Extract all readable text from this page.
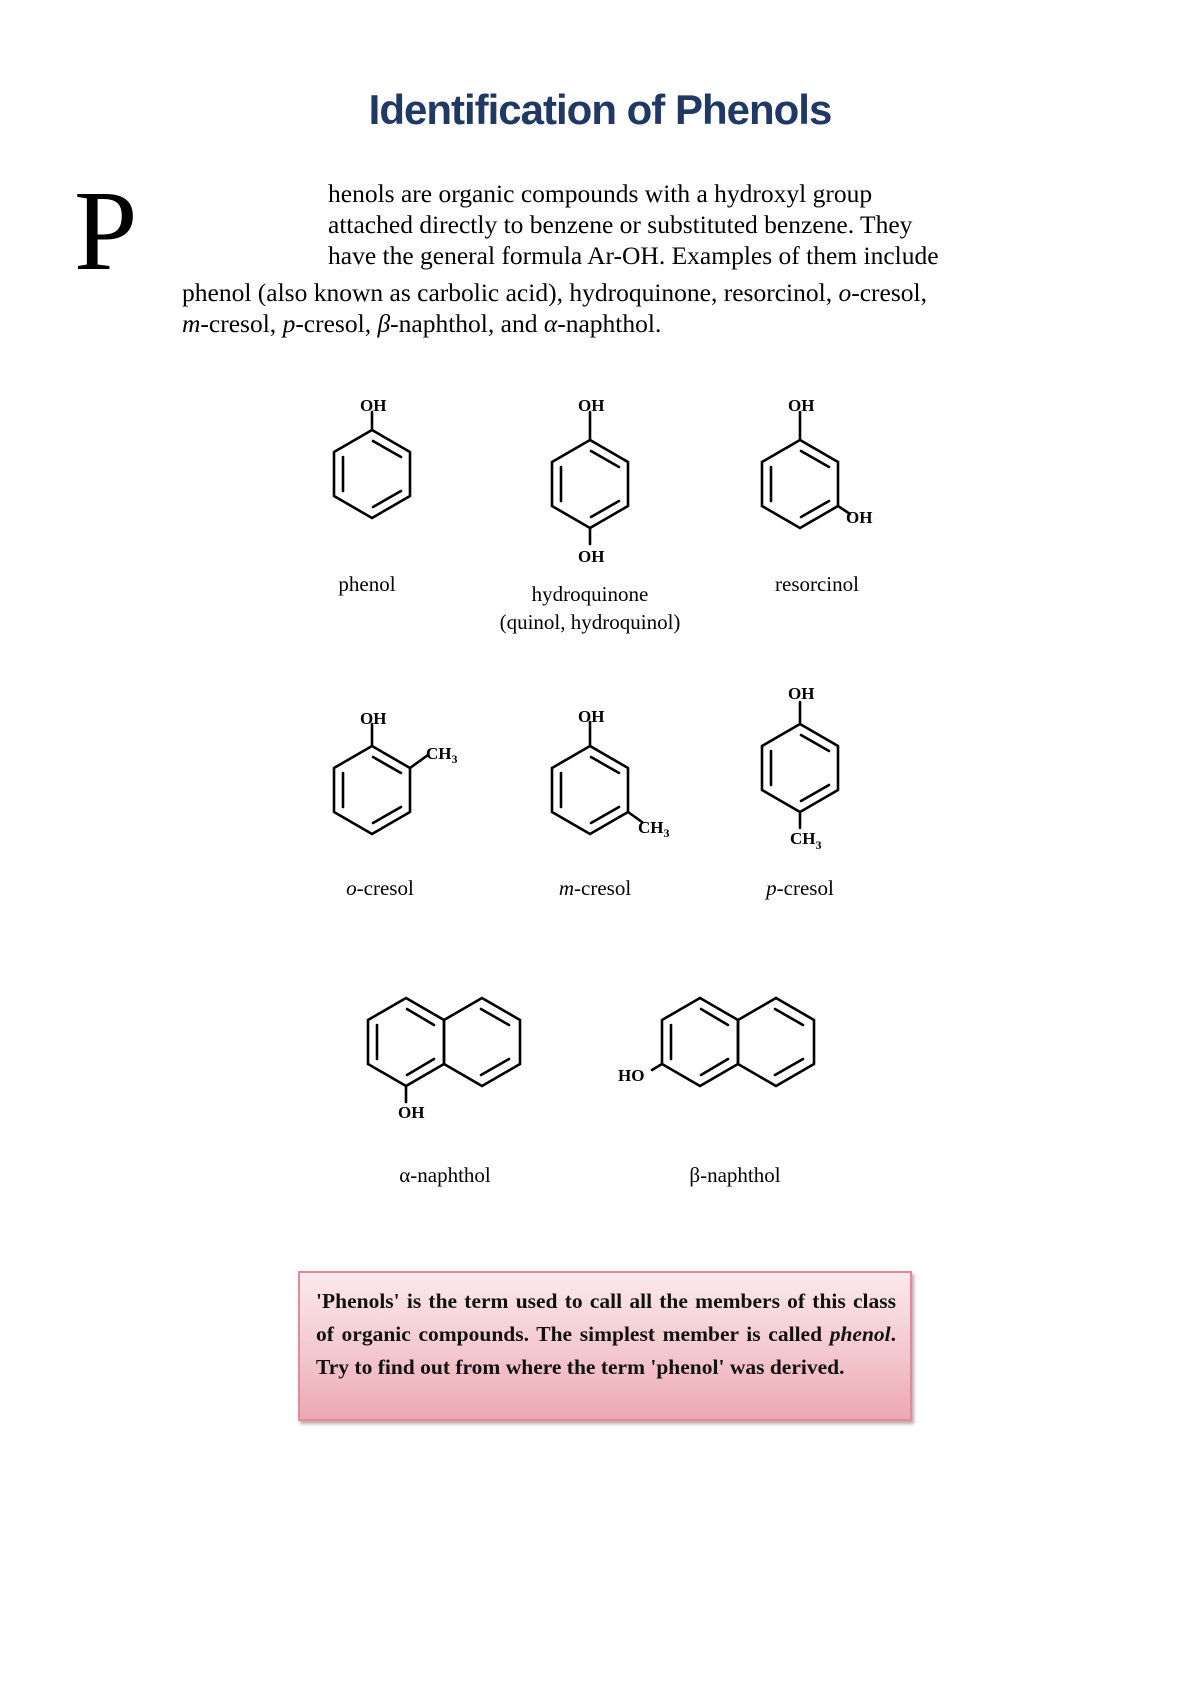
Identification of Phenols
P	henols are organic compounds with a hydroxyl group
attached directly to benzene or substituted benzene. They
have the general formula Ar-OH. Examples of them include
phenol (also known as carbolic acid), hydroquinone, resorcinol, o-cresol,
m-cresol, p-cresol, β-naphthol, and α-naphthol.
OH	OH
OH
OH
OH
OH
$CH_3$
OH
$CH_3$
OH
$CH_3$
OH
HO
phenol	hydroquinone
(quinol, hydroquinol)
resorcinol
o-cresol	m-cresol	p-cresol
α-naphthol	β-naphthol
'Phenols' is the term used to call all the members of this class of organic compounds. The simplest member is called phenol. Try to find out from where the term 'phenol' was derived.
